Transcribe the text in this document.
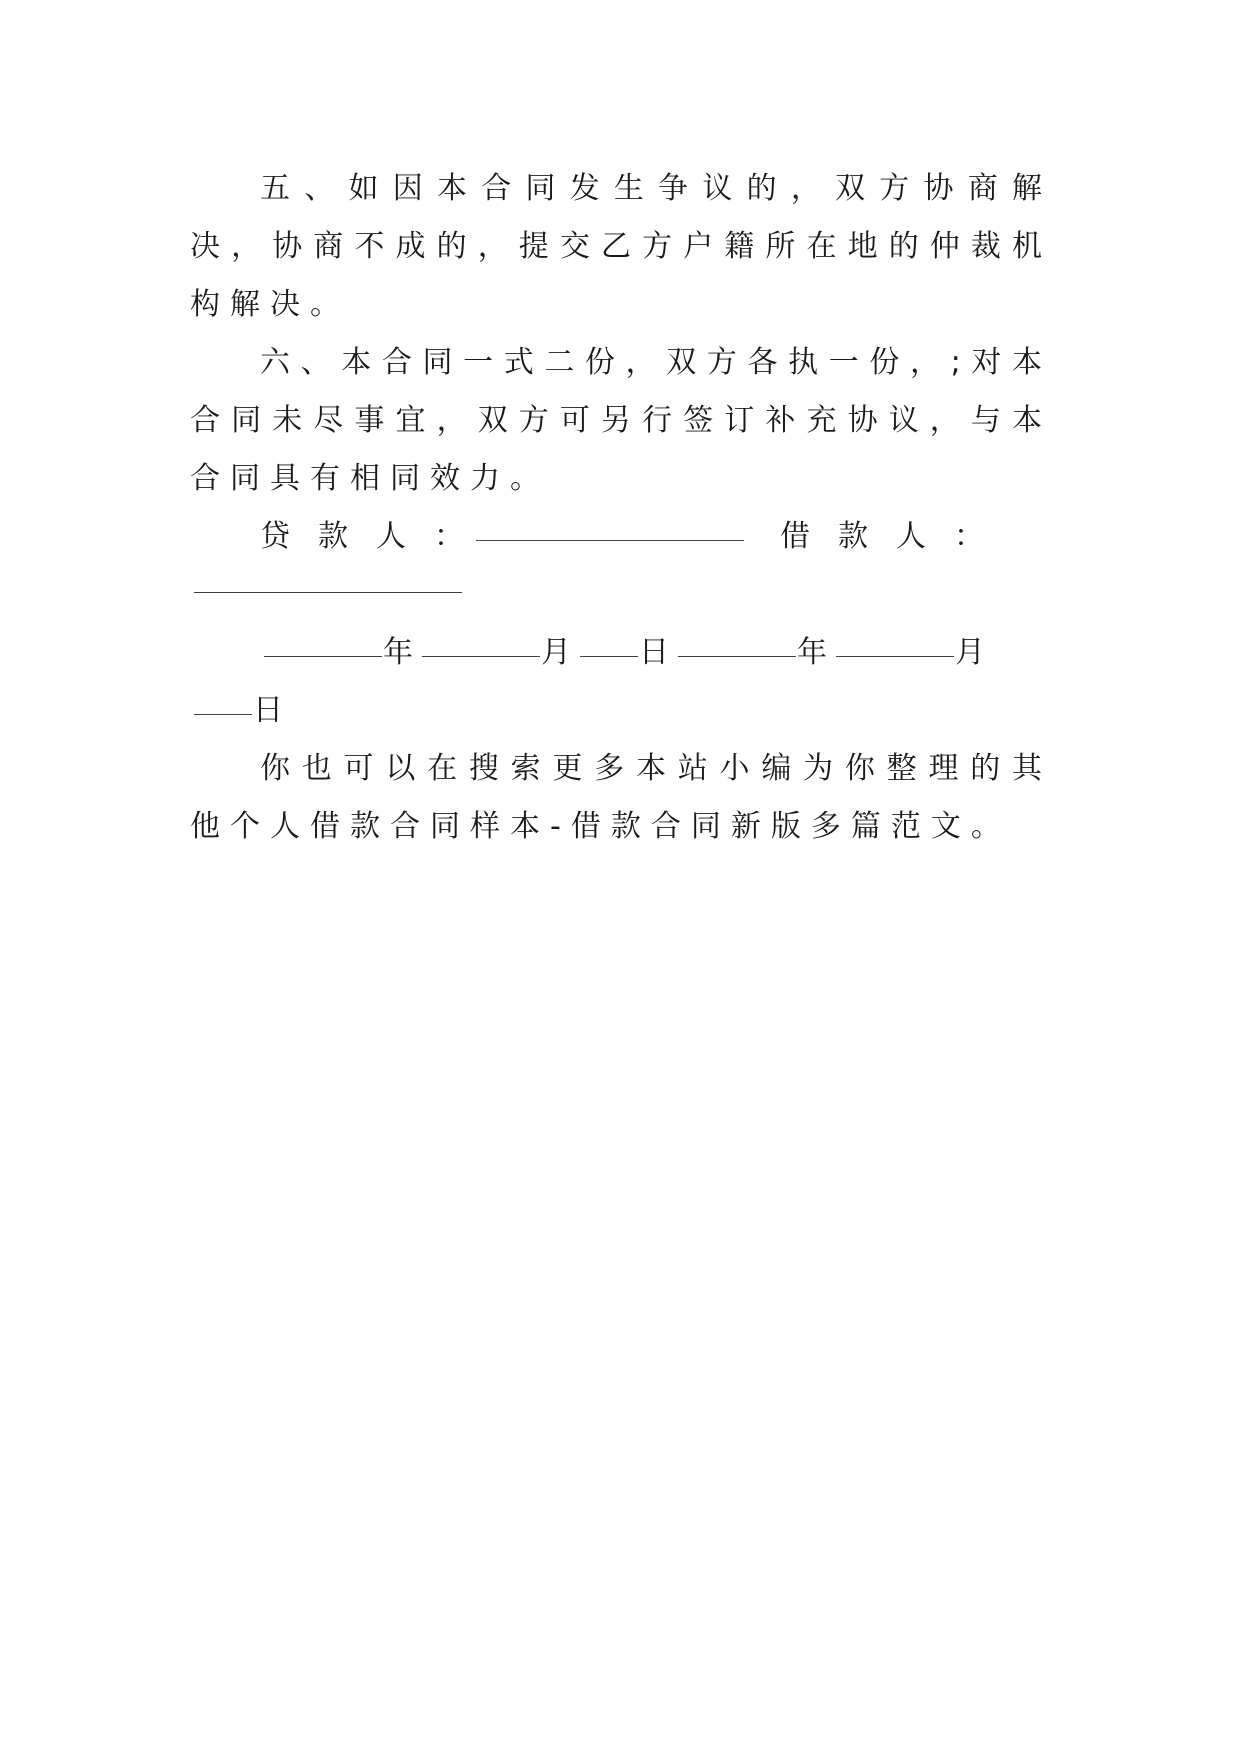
五、如因本合同发生争议的，双方协商解决，协商不成的，提交乙方户籍所在地的仲裁机构解决。

六、本合同一式二份，双方各执一份，;对本合同未尽事宜，双方可另行签订补充协议，与本合同具有相同效力。

贷款人：	借款人：
年	月 日	年	月
日

你也可以在搜索更多本站小编为你整理的其他个人借款合同样本-借款合同新版多篇范文。
